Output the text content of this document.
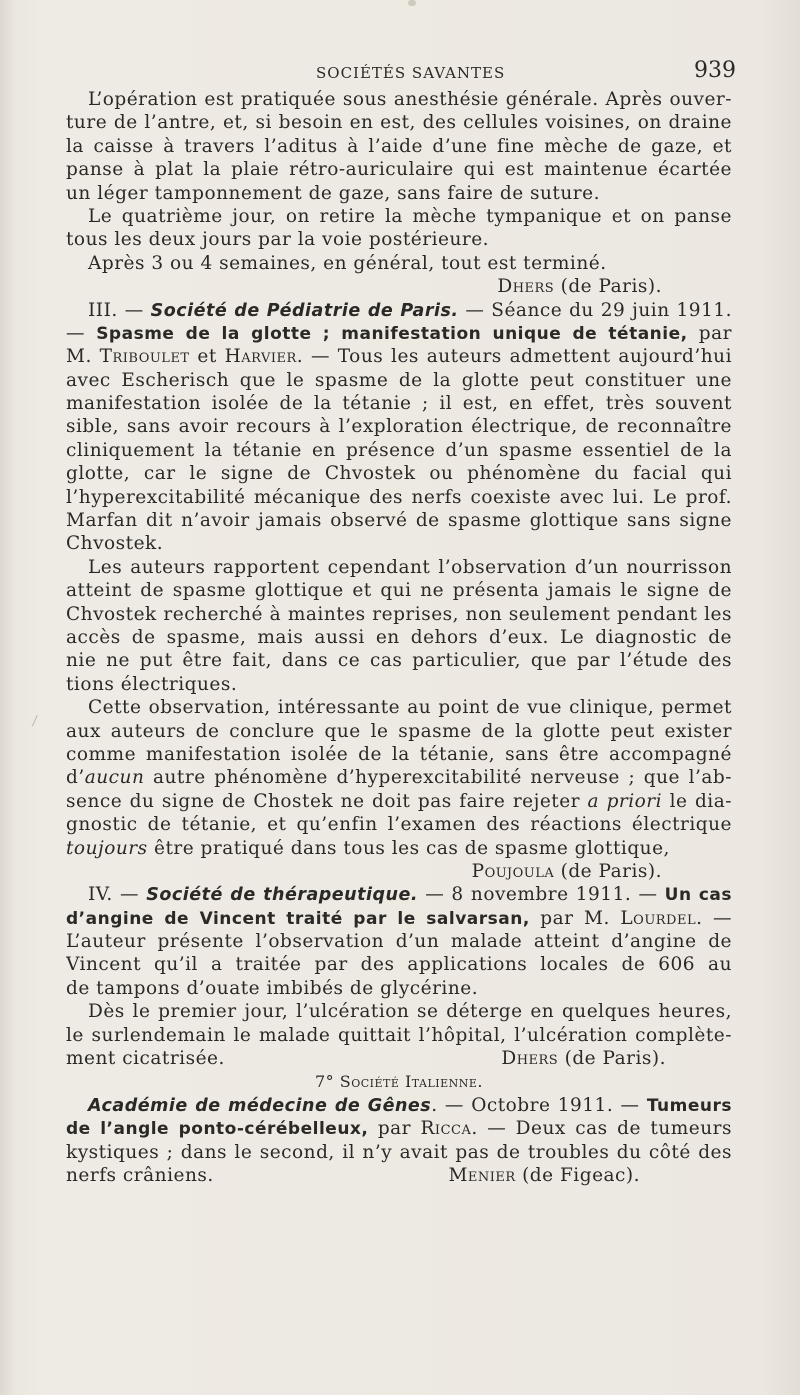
SOCIÉTÉS SAVANTES	939
L’opération est pratiquée sous anesthésie générale. Après ouver-
ture de l’antre, et, si besoin en est, des cellules voisines, on draine
la caisse à travers l’aditus à l’aide d’une fine mèche de gaze, et
panse à plat la plaie rétro-auriculaire qui est maintenue écartée
un léger tamponnement de gaze, sans faire de suture.
Le quatrième jour, on retire la mèche tympanique et on panse
tous les deux jours par la voie postérieure.
Après 3 ou 4 semaines, en général, tout est terminé.
Dhers (de Paris).
III. — Société de Pédiatrie de Paris. — Séance du 29 juin 1911.
— Spasme de la glotte ; manifestation unique de tétanie, par
M. Triboulet et Harvier. — Tous les auteurs admettent aujourd’hui
avec Escherisch que le spasme de la glotte peut constituer une
manifestation isolée de la tétanie ; il est, en effet, très souvent
sible, sans avoir recours à l’exploration électrique, de reconnaître
cliniquement la tétanie en présence d’un spasme essentiel de la
glotte, car le signe de Chvostek ou phénomène du facial qui
l’hyperexcitabilité mécanique des nerfs coexiste avec lui. Le prof.
Marfan dit n’avoir jamais observé de spasme glottique sans signe
Chvostek.
Les auteurs rapportent cependant l’observation d’un nourrisson
atteint de spasme glottique et qui ne présenta jamais le signe de
Chvostek recherché à maintes reprises, non seulement pendant les
accès de spasme, mais aussi en dehors d’eux. Le diagnostic de
nie ne put être fait, dans ce cas particulier, que par l’étude des
tions électriques.
Cette observation, intéressante au point de vue clinique, permet
aux auteurs de conclure que le spasme de la glotte peut exister
comme manifestation isolée de la tétanie, sans être accompagné
d’aucun autre phénomène d’hyperexcitabilité nerveuse ; que l’ab-
sence du signe de Chostek ne doit pas faire rejeter a priori le dia-
gnostic de tétanie, et qu’enfin l’examen des réactions électrique
toujours être pratiqué dans tous les cas de spasme glottique,
Poujoula (de Paris).
IV. — Société de thérapeutique. — 8 novembre 1911. — Un cas
d’angine de Vincent traité par le salvarsan, par M. Lourdel. —
L’auteur présente l’observation d’un malade atteint d’angine de
Vincent qu’il a traitée par des applications locales de 606 au
de tampons d’ouate imbibés de glycérine.
Dès le premier jour, l’ulcération se déterge en quelques heures,
le surlendemain le malade quittait l’hôpital, l’ulcération complète-
ment cicatrisée.	Dhers (de Paris).
7° Société Italienne.
Académie de médecine de Gênes. — Octobre 1911. — Tumeurs
de l’angle ponto-cérébelleux, par Ricca. — Deux cas de tumeurs
kystiques ; dans le second, il n’y avait pas de troubles du côté des
nerfs crâniens.	Menier (de Figeac).
